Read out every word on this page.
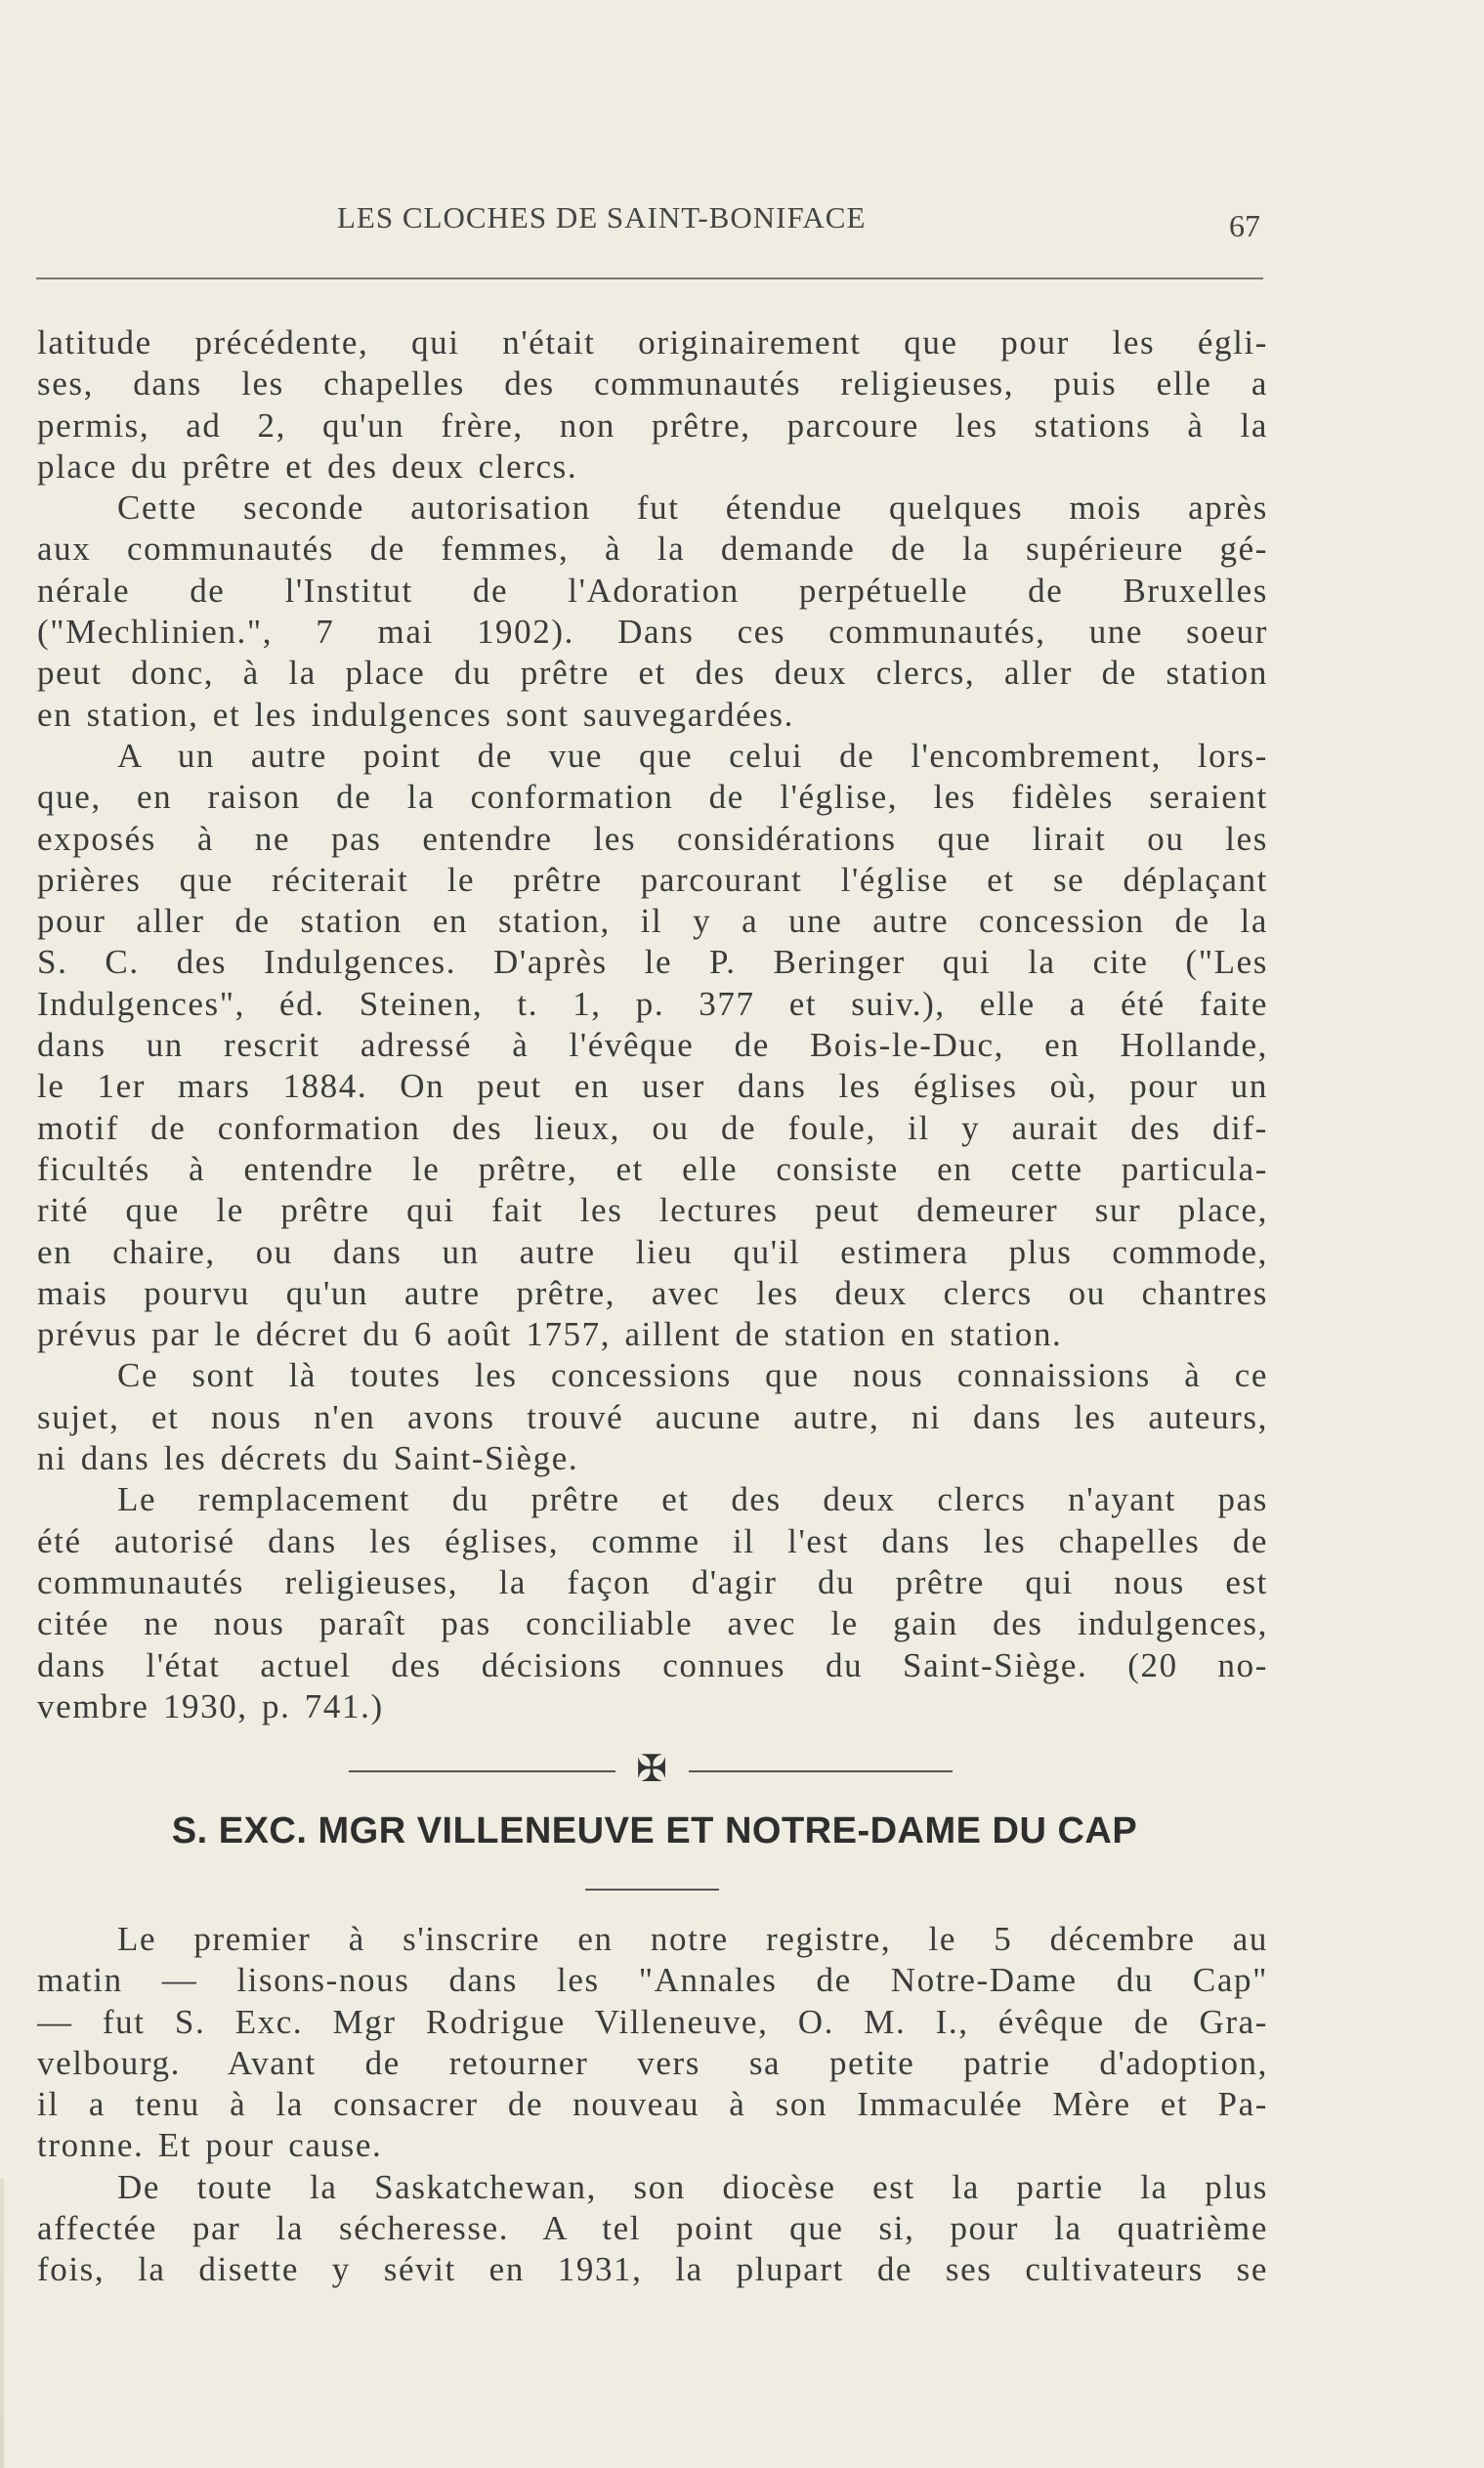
LES CLOCHES DE SAINT-BONIFACE	67
latitude précédente, qui n'était originairement que pour les égli-
ses, dans les chapelles des communautés religieuses, puis elle a
permis, ad 2, qu'un frère, non prêtre, parcoure les stations à la
place du prêtre et des deux clercs.
Cette seconde autorisation fut étendue quelques mois après
aux communautés de femmes, à la demande de la supérieure gé-
nérale de l'Institut de l'Adoration perpétuelle de Bruxelles
("Mechlinien.", 7 mai 1902). Dans ces communautés, une soeur
peut donc, à la place du prêtre et des deux clercs, aller de station
en station, et les indulgences sont sauvegardées.
A un autre point de vue que celui de l'encombrement, lors-
que, en raison de la conformation de l'église, les fidèles seraient
exposés à ne pas entendre les considérations que lirait ou les
prières que réciterait le prêtre parcourant l'église et se déplaçant
pour aller de station en station, il y a une autre concession de la
S. C. des Indulgences. D'après le P. Beringer qui la cite ("Les
Indulgences", éd. Steinen, t. 1, p. 377 et suiv.), elle a été faite
dans un rescrit adressé à l'évêque de Bois-le-Duc, en Hollande,
le 1er mars 1884. On peut en user dans les églises où, pour un
motif de conformation des lieux, ou de foule, il y aurait des dif-
ficultés à entendre le prêtre, et elle consiste en cette particula-
rité que le prêtre qui fait les lectures peut demeurer sur place,
en chaire, ou dans un autre lieu qu'il estimera plus commode,
mais pourvu qu'un autre prêtre, avec les deux clercs ou chantres
prévus par le décret du 6 août 1757, aillent de station en station.
Ce sont là toutes les concessions que nous connaissions à ce
sujet, et nous n'en avons trouvé aucune autre, ni dans les auteurs,
ni dans les décrets du Saint-Siège.
Le remplacement du prêtre et des deux clercs n'ayant pas
été autorisé dans les églises, comme il l'est dans les chapelles de
communautés religieuses, la façon d'agir du prêtre qui nous est
citée ne nous paraît pas conciliable avec le gain des indulgences,
dans l'état actuel des décisions connues du Saint-Siège. (20 no-
vembre 1930, p. 741.)
✠
S. EXC. MGR VILLENEUVE ET NOTRE-DAME DU CAP
Le premier à s'inscrire en notre registre, le 5 décembre au
matin — lisons-nous dans les "Annales de Notre-Dame du Cap"
— fut S. Exc. Mgr Rodrigue Villeneuve, O. M. I., évêque de Gra-
velbourg. Avant de retourner vers sa petite patrie d'adoption,
il a tenu à la consacrer de nouveau à son Immaculée Mère et Pa-
tronne. Et pour cause.
De toute la Saskatchewan, son diocèse est la partie la plus
affectée par la sécheresse. A tel point que si, pour la quatrième
fois, la disette y sévit en 1931, la plupart de ses cultivateurs se
